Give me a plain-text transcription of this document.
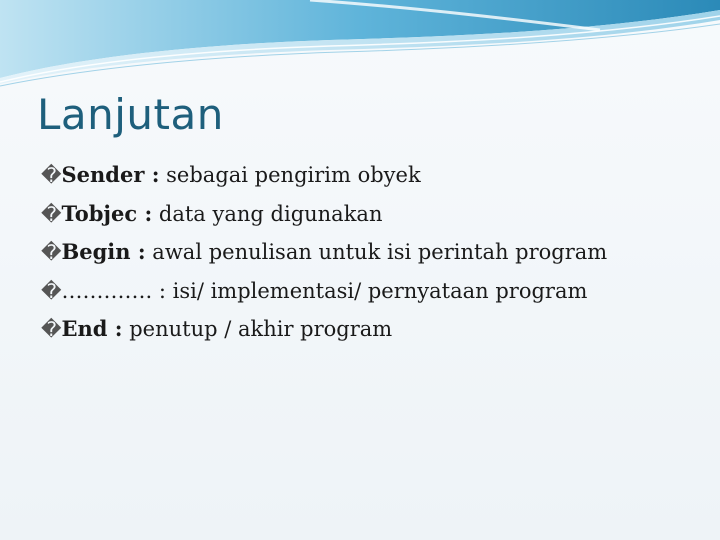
Lanjutan
�Sender : sebagai pengirim obyek
�Tobjec : data yang digunakan
�Begin : awal penulisan untuk isi perintah program
�…………. : isi/ implementasi/ pernyataan program
�End : penutup / akhir program
